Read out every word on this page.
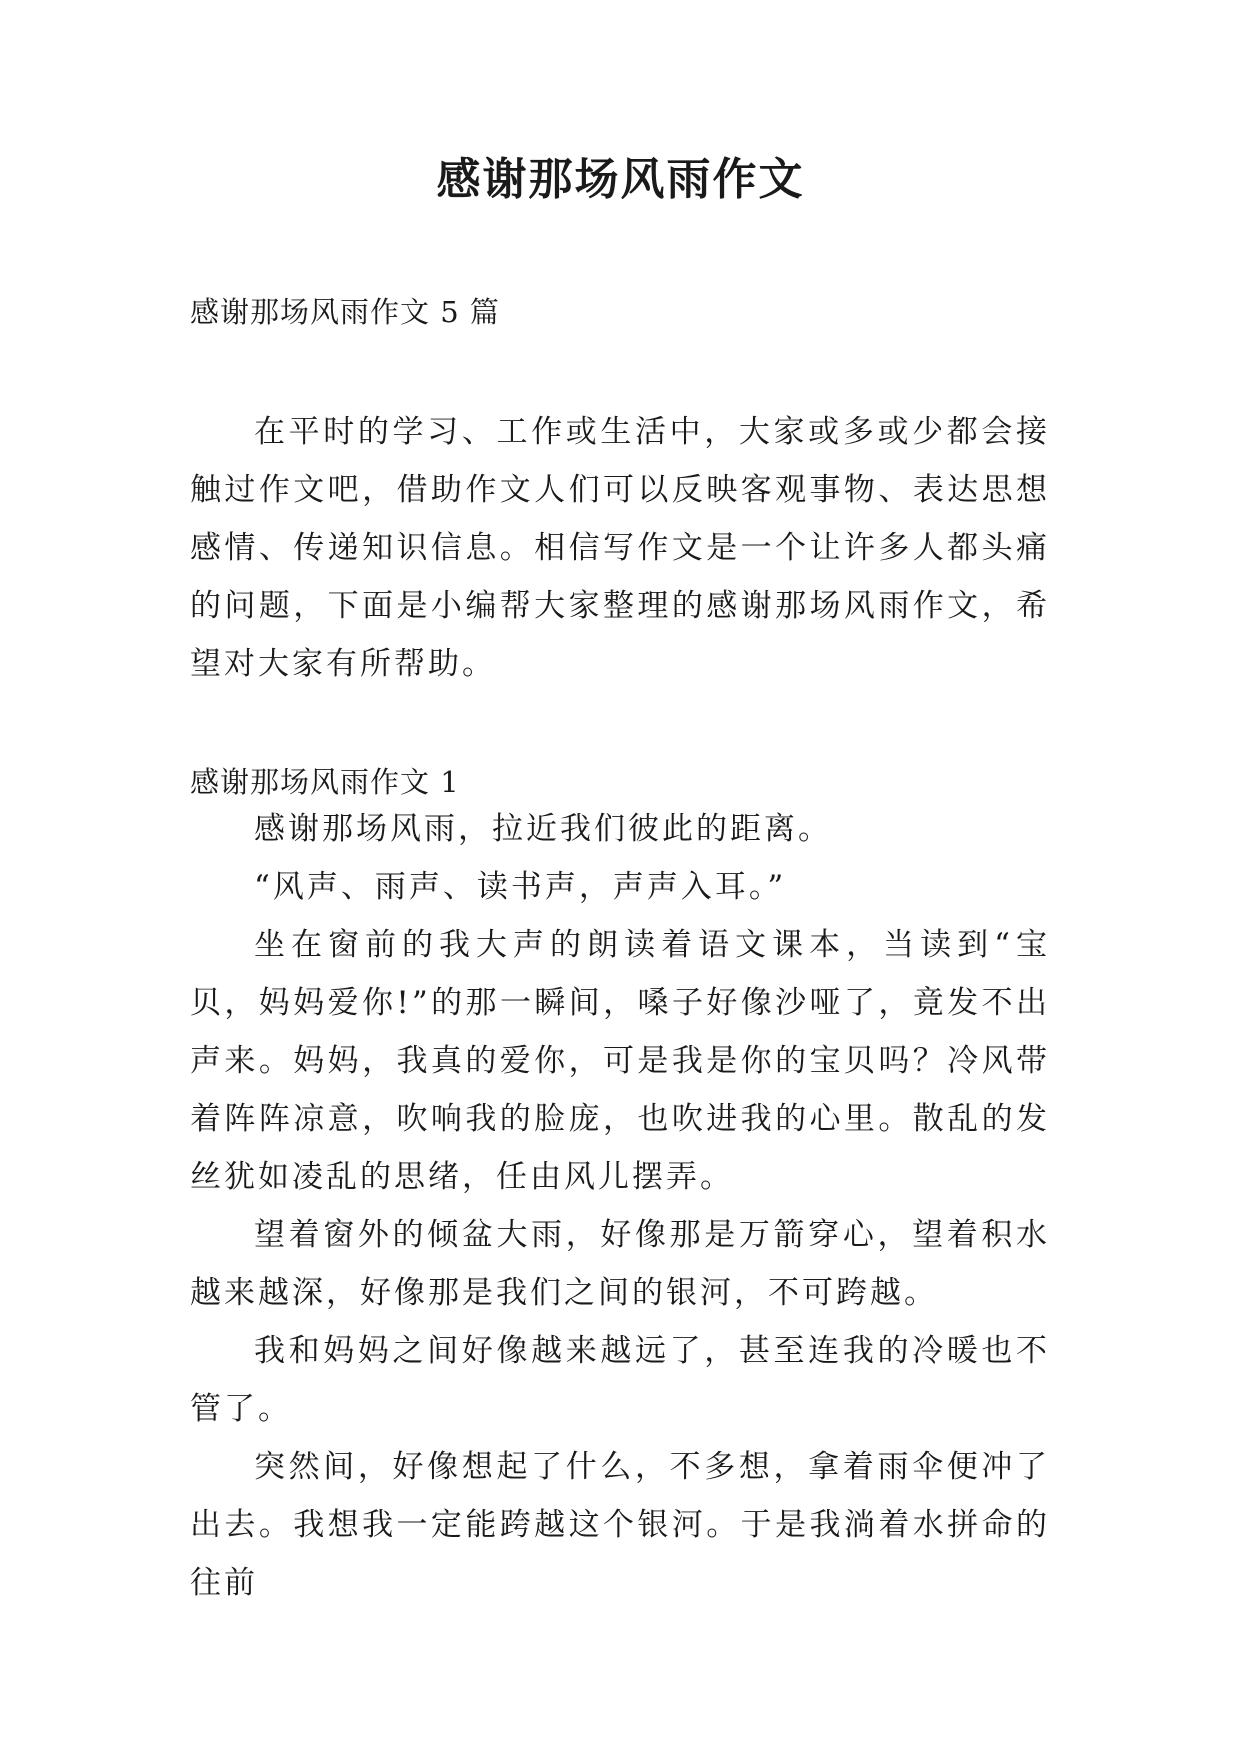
感谢那场风雨作文

感谢那场风雨作文 5 篇

在平时的学习、工作或生活中，大家或多或少都会接触过作文吧，借助作文人们可以反映客观事物、表达思想感情、传递知识信息。相信写作文是一个让许多人都头痛的问题，下面是小编帮大家整理的感谢那场风雨作文，希望对大家有所帮助。

感谢那场风雨作文 1

感谢那场风雨，拉近我们彼此的距离。

“风声、雨声、读书声，声声入耳。”

坐在窗前的我大声的朗读着语文课本，当读到“宝贝，妈妈爱你!”的那一瞬间，嗓子好像沙哑了，竟发不出声来。妈妈，我真的爱你，可是我是你的宝贝吗？冷风带着阵阵凉意，吹响我的脸庞，也吹进我的心里。散乱的发丝犹如凌乱的思绪，任由风儿摆弄。

望着窗外的倾盆大雨，好像那是万箭穿心，望着积水越来越深，好像那是我们之间的银河，不可跨越。

我和妈妈之间好像越来越远了，甚至连我的冷暖也不管了。

突然间，好像想起了什么，不多想，拿着雨伞便冲了出去。我想我一定能跨越这个银河。于是我淌着水拼命的往前
